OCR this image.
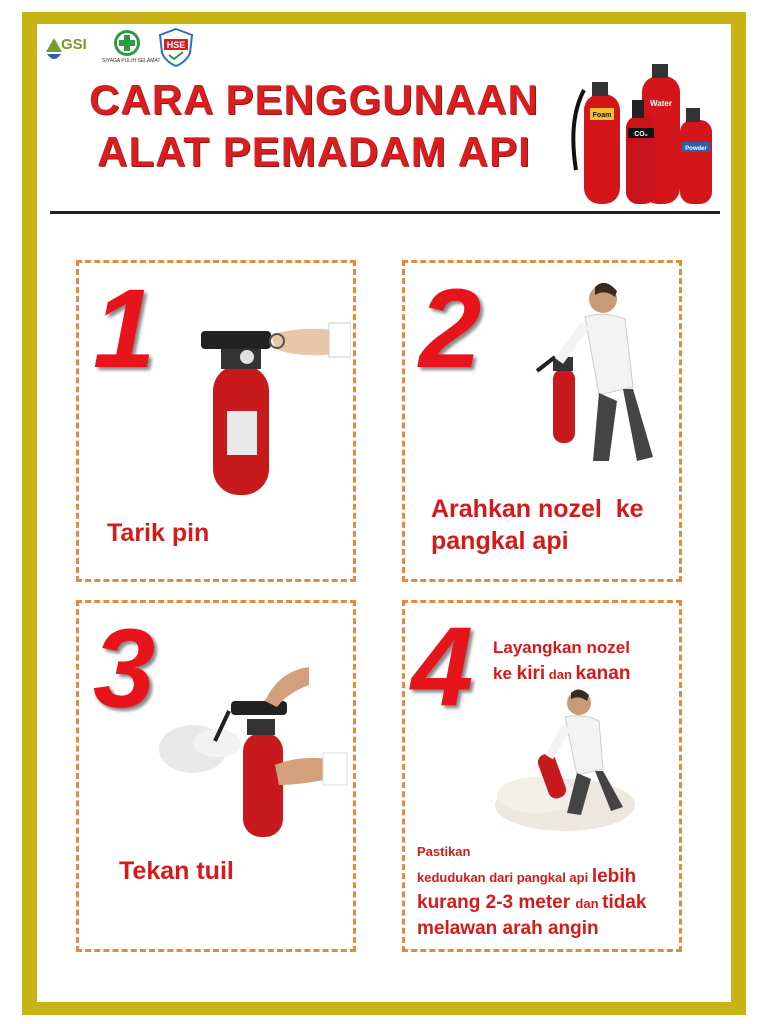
GSI
SIYAGA PULIH SELAMAT
HSE
CARA PENGGUNAAN
ALAT PEMADAM API
Foam
Water
CO₂
Powder
1
Tarik pin
2
Arahkan nozel  ke
pangkal api
3
Tekan tuil
4 Layangkan nozel
ke kiri dan kanan
Pastikan
kedudukan dari pangkal api lebih
kurang 2-3 meter dan tidak
melawan arah angin
